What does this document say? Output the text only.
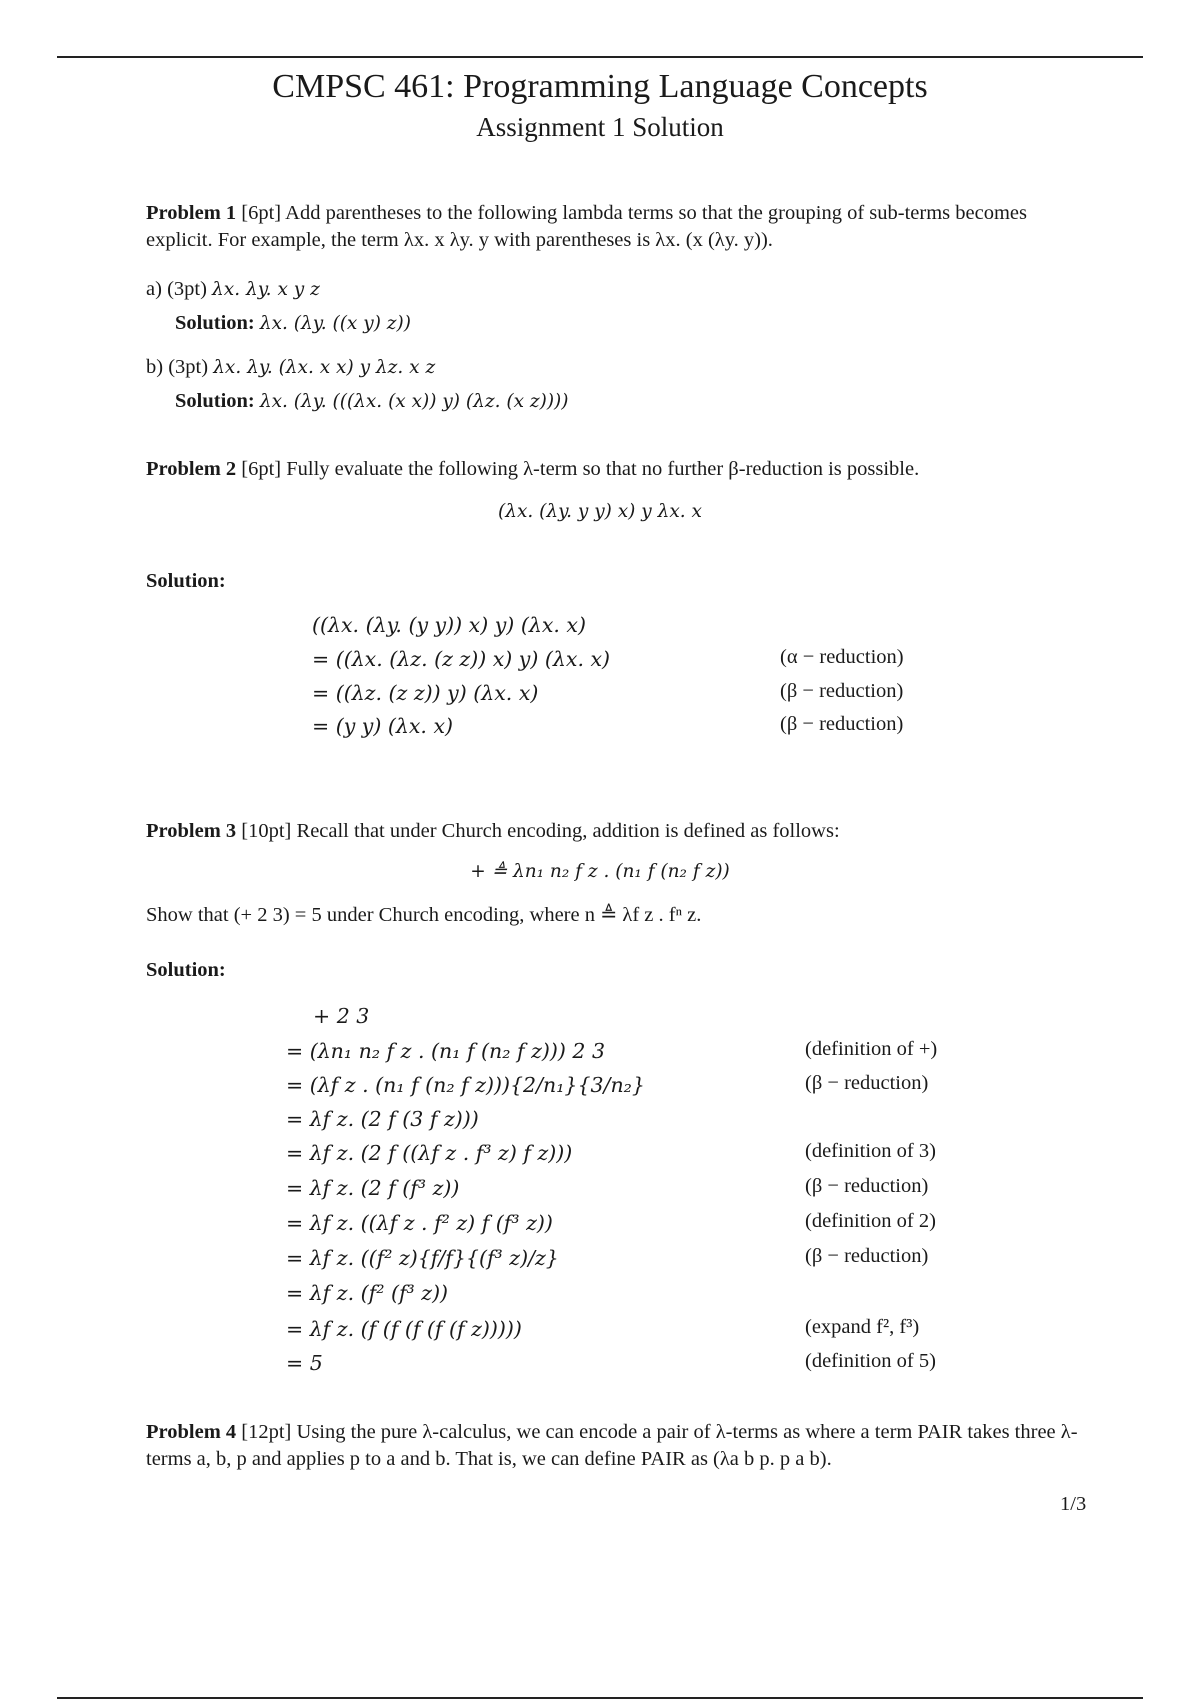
CMPSC 461: Programming Language Concepts
Assignment 1 Solution
Problem 1 [6pt] Add parentheses to the following lambda terms so that the grouping of sub-terms becomes explicit. For example, the term λx. x λy. y with parentheses is λx. (x (λy. y)).
a) (3pt) λx. λy. x y z
Solution: λx. (λy. ((x y) z))
b) (3pt) λx. λy. (λx. x x) y λz. x z
Solution: λx. (λy. (((λx. (x x)) y) (λz. (x z))))
Problem 2 [6pt] Fully evaluate the following λ-term so that no further β-reduction is possible.
(λx. (λy. y y) x) y λx. x
Solution:
((λx. (λy. (y y)) x) y) (λx. x)
= ((λx. (λz. (z z)) x) y) (λx. x)	(α − reduction)
= ((λz. (z z)) y) (λx. x)	(β − reduction)
= (y y) (λx. x)	(β − reduction)
Problem 3 [10pt] Recall that under Church encoding, addition is defined as follows:
+ ≜ λn₁ n₂ f z . (n₁ f (n₂ f z))
Show that (+ 2 3) = 5 under Church encoding, where n ≜ λf z . fⁿ z.
Solution:
+ 2 3
= (λn₁ n₂ f z . (n₁ f (n₂ f z))) 2 3	(definition of +)
= (λf z . (n₁ f (n₂ f z))){2/n₁}{3/n₂}	(β − reduction)
= λf z. (2 f (3 f z)))
= λf z. (2 f ((λf z . f³ z) f z)))	(definition of 3)
= λf z. (2 f (f³ z))	(β − reduction)
= λf z. ((λf z . f² z) f (f³ z))	(definition of 2)
= λf z. ((f² z){f/f}{(f³ z)/z}	(β − reduction)
= λf z. (f² (f³ z))
= λf z. (f (f (f (f (f z)))))	(expand f², f³)
= 5	(definition of 5)
Problem 4 [12pt] Using the pure λ-calculus, we can encode a pair of λ-terms as where a term PAIR takes three λ-terms a, b, p and applies p to a and b. That is, we can define PAIR as (λa b p. p a b).
1/3
